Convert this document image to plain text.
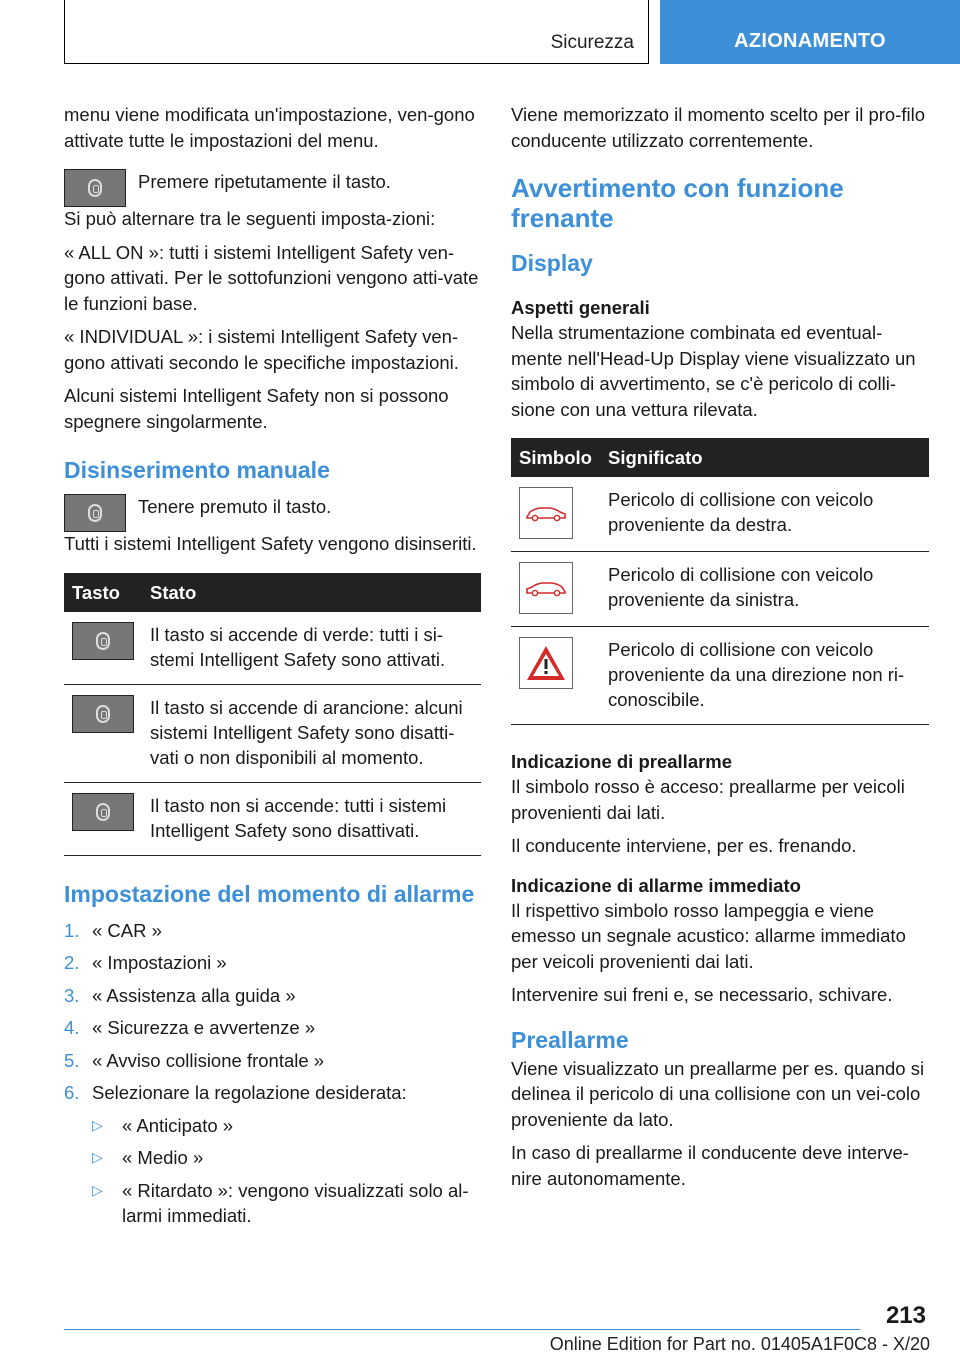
Sicurezza	AZIONAMENTO

menu viene modificata un'impostazione, ven-gono attivate tutte le impostazioni del menu.

Premere ripetutamente il tasto.

Si può alternare tra le seguenti imposta-zioni:

« ALL ON »: tutti i sistemi Intelligent Safety ven-gono attivati. Per le sottofunzioni vengono atti-vate le funzioni base.

« INDIVIDUAL »: i sistemi Intelligent Safety ven-gono attivati secondo le specifiche impostazioni.

Alcuni sistemi Intelligent Safety non si possono spegnere singolarmente.

Disinserimento manuale

Tenere premuto il tasto.

Tutti i sistemi Intelligent Safety vengono disinseriti.

Tasto	Stato

	Il tasto si accende di verde: tutti i si-stemi Intelligent Safety sono attivati.

	Il tasto si accende di arancione: alcuni sistemi Intelligent Safety sono disatti-vati o non disponibili al momento.

	Il tasto non si accende: tutti i sistemi Intelligent Safety sono disattivati.
Impostazione del momento di allarme
1. « CAR »
2. « Impostazioni »
3. « Assistenza alla guida »
4. « Sicurezza e avvertenze »
5. « Avviso collisione frontale »
6. Selezionare la regolazione desiderata:
▷	« Anticipato »
▷	« Medio »
▷	« Ritardato »: vengono visualizzati solo al-larmi immediati.

Viene memorizzato il momento scelto per il pro-filo conducente utilizzato correntemente.

Avvertimento con funzione frenante
Display
Aspetti generali

Nella strumentazione combinata ed eventual-mente nell'Head-Up Display viene visualizzato un simbolo di avvertimento, se c'è pericolo di colli-sione con una vettura rilevata.

Simbolo	Significato

	Pericolo di collisione con veicolo proveniente da destra.

	Pericolo di collisione con veicolo proveniente da sinistra.

	Pericolo di collisione con veicolo proveniente da una direzione non ri-conoscibile.
Indicazione di preallarme

Il simbolo rosso è acceso: preallarme per veicoli provenienti dai lati.

Il conducente interviene, per es. frenando.

Indicazione di allarme immediato

Il rispettivo simbolo rosso lampeggia e viene emesso un segnale acustico: allarme immediato per veicoli provenienti dai lati.

Intervenire sui freni e, se necessario, schivare.

Preallarme

Viene visualizzato un preallarme per es. quando si delinea il pericolo di una collisione con un vei-colo proveniente da lato.

In caso di preallarme il conducente deve interve-nire autonomamente.

213
Online Edition for Part no. 01405A1F0C8 - X/20
